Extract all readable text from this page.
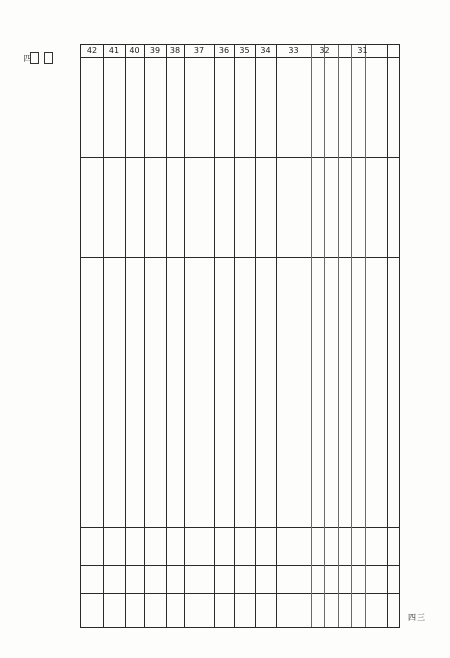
42 41 40 39 38 37 36 35 34 33	32	31
四
四三
